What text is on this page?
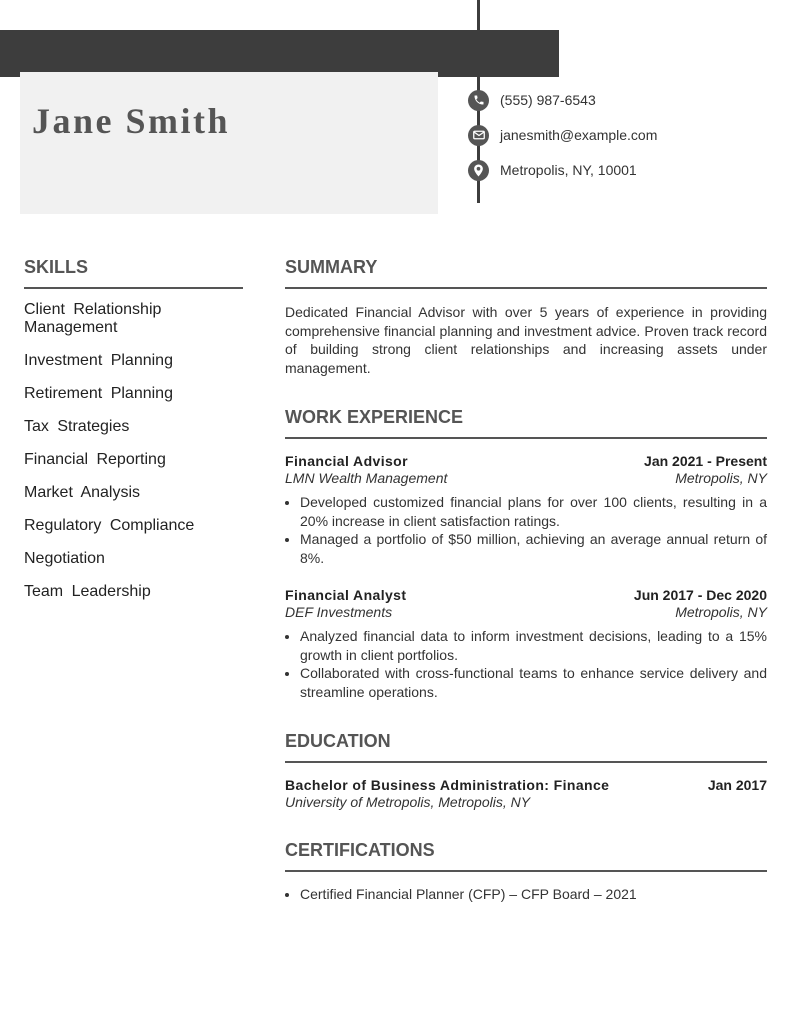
Jane Smith
(555) 987-6543
janesmith@example.com
Metropolis, NY, 10001
SKILLS
Client Relationship Management
Investment Planning
Retirement Planning
Tax Strategies
Financial Reporting
Market Analysis
Regulatory Compliance
Negotiation
Team Leadership
SUMMARY

Dedicated Financial Advisor with over 5 years of experience in providing comprehensive financial planning and investment advice. Proven track record of building strong client relationships and increasing assets under management.

WORK EXPERIENCE
Financial Advisor	Jan 2021 - Present
LMN Wealth Management	Metropolis, NY
• Developed customized financial plans for over 100 clients, resulting in a 20% increase in client satisfaction ratings.
• Managed a portfolio of $50 million, achieving an average annual return of 8%.
Financial Analyst	Jun 2017 - Dec 2020
DEF Investments	Metropolis, NY
• Analyzed financial data to inform investment decisions, leading to a 15% growth in client portfolios.
• Collaborated with cross-functional teams to enhance service delivery and streamline operations.
EDUCATION
Bachelor of Business Administration: Finance	Jan 2017
University of Metropolis, Metropolis, NY
CERTIFICATIONS
• Certified Financial Planner (CFP) – CFP Board – 2021
